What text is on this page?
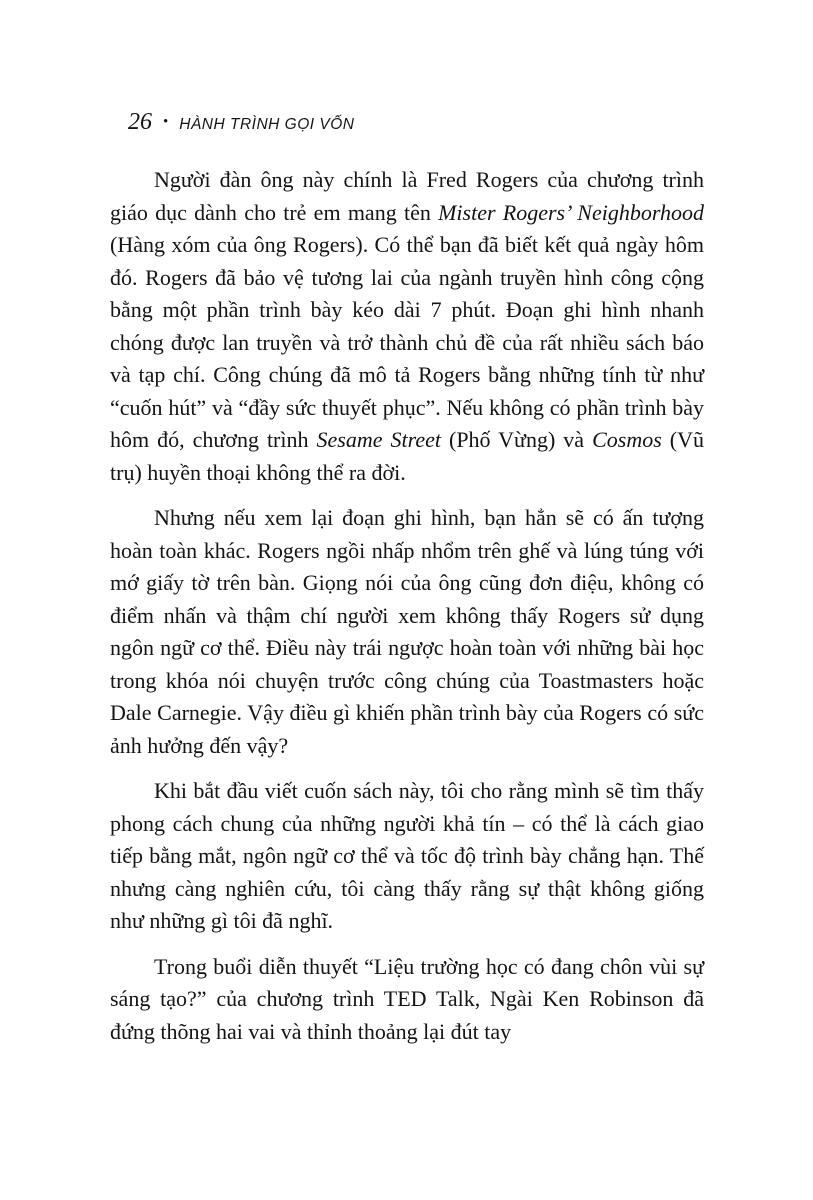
26 • HÀNH TRÌNH GỌI VỐN

Người đàn ông này chính là Fred Rogers của chương trình giáo dục dành cho trẻ em mang tên Mister Rogers’ Neighborhood (Hàng xóm của ông Rogers). Có thể bạn đã biết kết quả ngày hôm đó. Rogers đã bảo vệ tương lai của ngành truyền hình công cộng bằng một phần trình bày kéo dài 7 phút. Đoạn ghi hình nhanh chóng được lan truyền và trở thành chủ đề của rất nhiều sách báo và tạp chí. Công chúng đã mô tả Rogers bằng những tính từ như “cuốn hút” và “đầy sức thuyết phục”. Nếu không có phần trình bày hôm đó, chương trình Sesame Street (Phố Vừng) và Cosmos (Vũ trụ) huyền thoại không thể ra đời.

Nhưng nếu xem lại đoạn ghi hình, bạn hẳn sẽ có ấn tượng hoàn toàn khác. Rogers ngồi nhấp nhổm trên ghế và lúng túng với mớ giấy tờ trên bàn. Giọng nói của ông cũng đơn điệu, không có điểm nhấn và thậm chí người xem không thấy Rogers sử dụng ngôn ngữ cơ thể. Điều này trái ngược hoàn toàn với những bài học trong khóa nói chuyện trước công chúng của Toastmasters hoặc Dale Carnegie. Vậy điều gì khiến phần trình bày của Rogers có sức ảnh hưởng đến vậy?

Khi bắt đầu viết cuốn sách này, tôi cho rằng mình sẽ tìm thấy phong cách chung của những người khả tín – có thể là cách giao tiếp bằng mắt, ngôn ngữ cơ thể và tốc độ trình bày chẳng hạn. Thế nhưng càng nghiên cứu, tôi càng thấy rằng sự thật không giống như những gì tôi đã nghĩ.

Trong buổi diễn thuyết “Liệu trường học có đang chôn vùi sự sáng tạo?” của chương trình TED Talk, Ngài Ken Robinson đã đứng thõng hai vai và thỉnh thoảng lại đút tay
